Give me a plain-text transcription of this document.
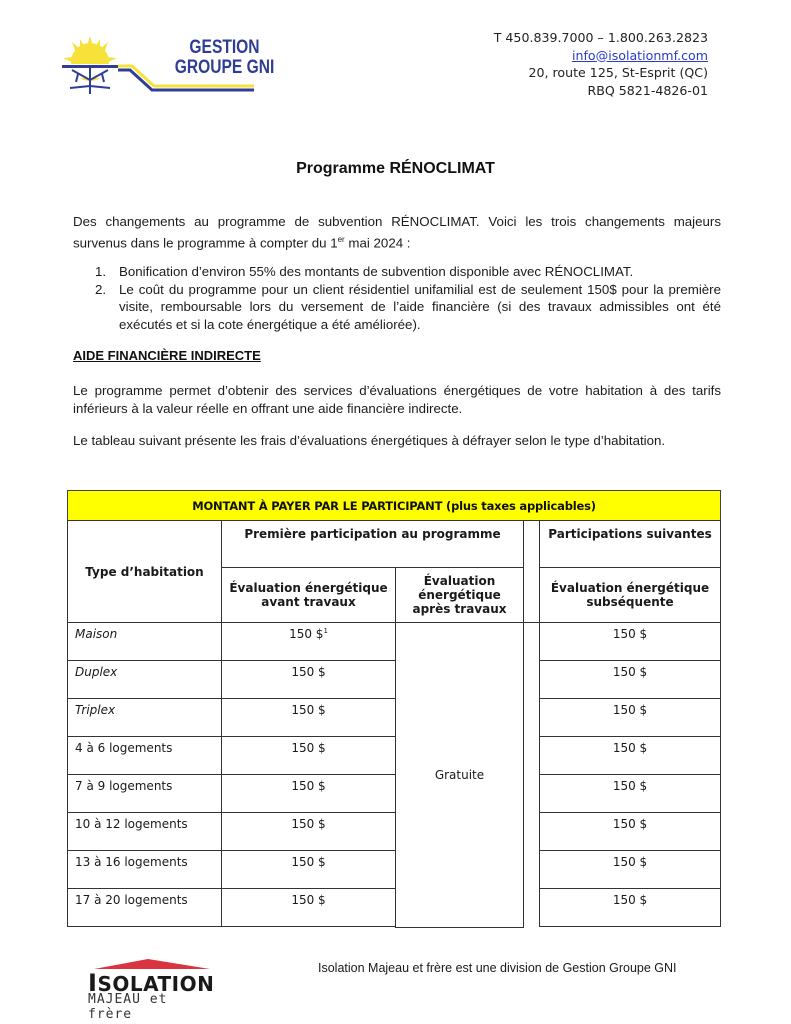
GESTION
GROUPE GNI
T 450.839.7000 – 1.800.263.2823
info@isolationmf.com
20, route 125, St-Esprit (QC)
RBQ 5821-4826-01
Programme RÉNOCLIMAT
Des changements au programme de subvention RÉNOCLIMAT. Voici les trois changements majeurs survenus dans le programme à compter du 1er mai 2024 :
1. Bonification d’environ 55% des montants de subvention disponible avec RÉNOCLIMAT.
2. Le coût du programme pour un client résidentiel unifamilial est de seulement 150$ pour la première visite, remboursable lors du versement de l’aide financière (si des travaux admissibles ont été exécutés et si la cote énergétique a été améliorée).
AIDE FINANCIÈRE INDIRECTE
Le programme permet d’obtenir des services d’évaluations énergétiques de votre habitation à des tarifs inférieurs à la valeur réelle en offrant une aide financière indirecte.
Le tableau suivant présente les frais d’évaluations énergétiques à défrayer selon le type d’habitation.
MONTANT À PAYER PAR LE PARTICIPANT (plus taxes applicables)
Type d’habitation
Première participation au programme
Évaluation énergétique avant travaux
Évaluation énergétique après travaux
Participations suivantes
Évaluation énergétique subséquente
Gratuite
Maison	150 \$$^1$	150 $
Duplex	150 $	150 $
Triplex	150 $	150 $
4 à 6 logements	150 $	150 $
7 à 9 logements	150 $	150 $
10 à 12 logements	150 $	150 $
13 à 16 logements	150 $	150 $
17 à 20 logements	150 $	150 $
ISOLATION
MAJEAU et frère
Isolation Majeau et frère est une division de Gestion Groupe GNI
